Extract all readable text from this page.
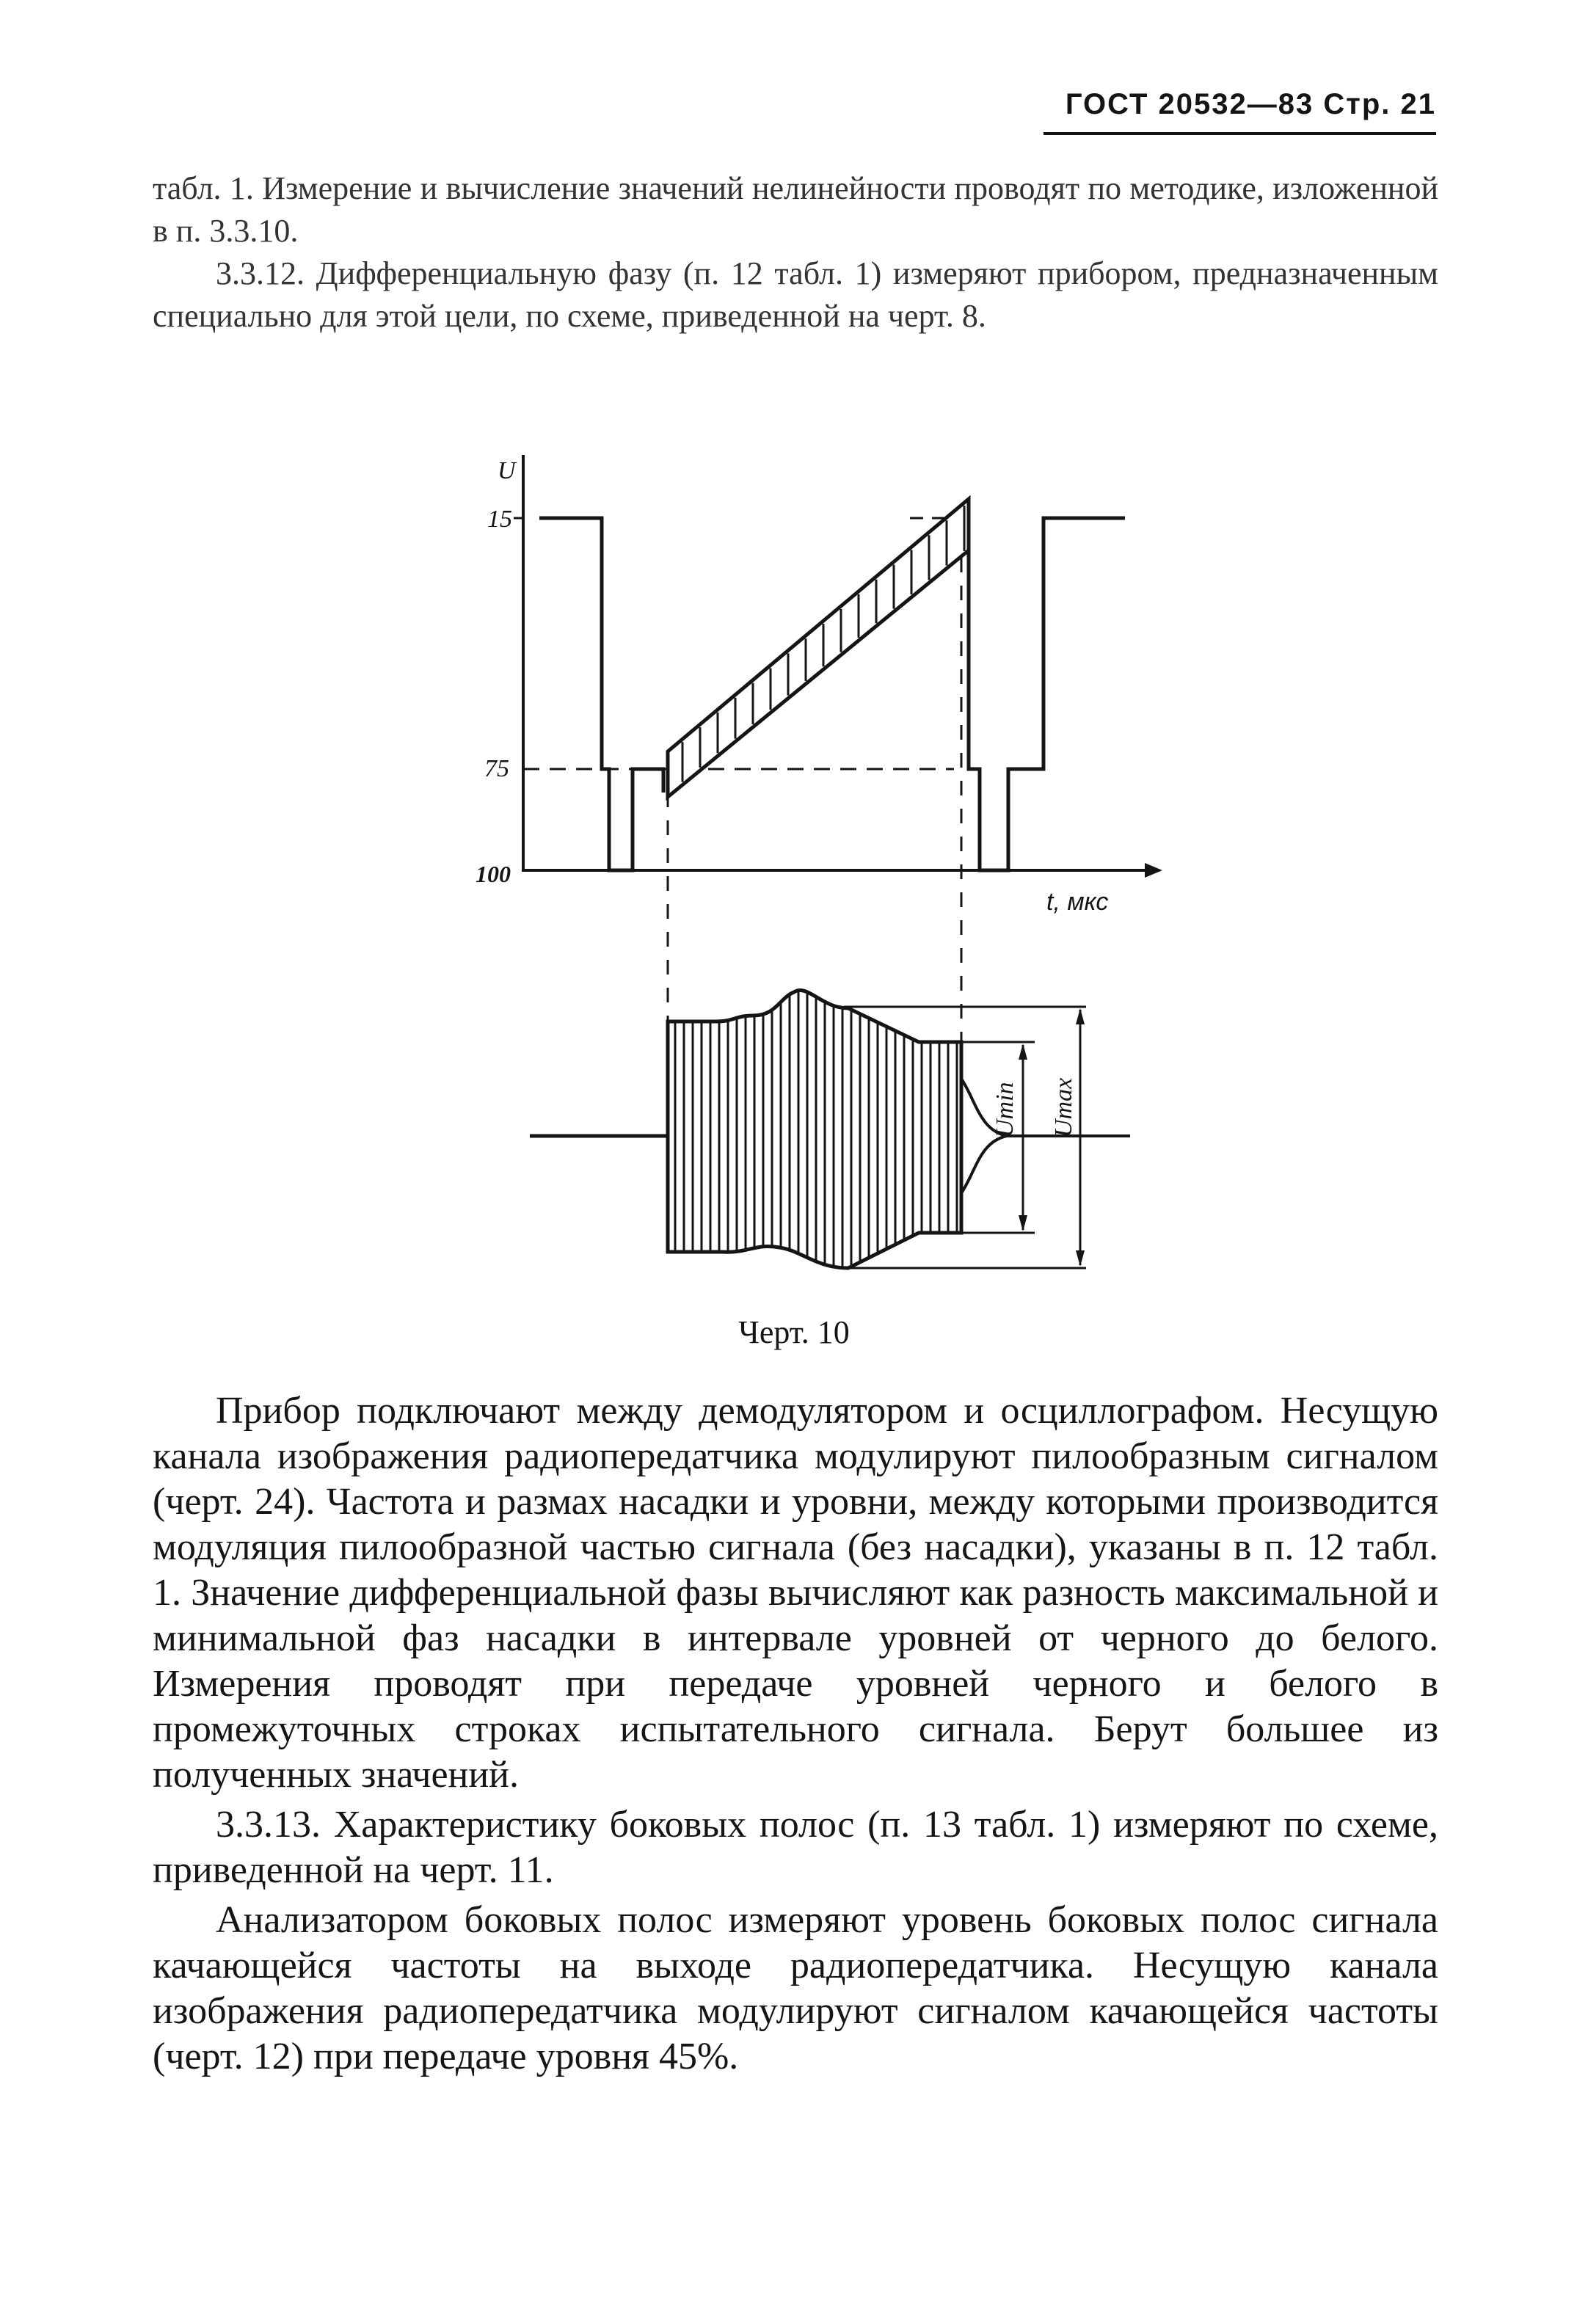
ГОСТ 20532—83 Стр. 21

табл. 1. Измерение и вычисление значений нелинейности проводят по методике, изложенной в п. 3.3.10.

3.3.12. Дифференциальную фазу (п. 12 табл. 1) измеряют прибором, предназначенным специально для этой цели, по схеме, приведенной на черт. 8.

U
15
75
100
t, мкс
Umin Umax
Черт. 10

Прибор подключают между демодулятором и осциллографом. Несущую канала изображения радиопередатчика модулируют пилообразным сигналом (черт. 24). Частота и размах насадки и уровни, между которыми производится модуляция пилообразной частью сигнала (без насадки), указаны в п. 12 табл. 1. Значение дифференциальной фазы вычисляют как разность максимальной и минимальной фаз насадки в интервале уровней от черного до белого. Измерения проводят при передаче уровней черного и белого в промежуточных строках испытательного сигнала. Берут большее из полученных значений.

3.3.13. Характеристику боковых полос (п. 13 табл. 1) измеряют по схеме, приведенной на черт. 11.

Анализатором боковых полос измеряют уровень боковых полос сигнала качающейся частоты на выходе радиопередатчика. Несущую канала изображения радиопередатчика модулируют сигналом качающейся частоты (черт. 12) при передаче уровня 45%.
